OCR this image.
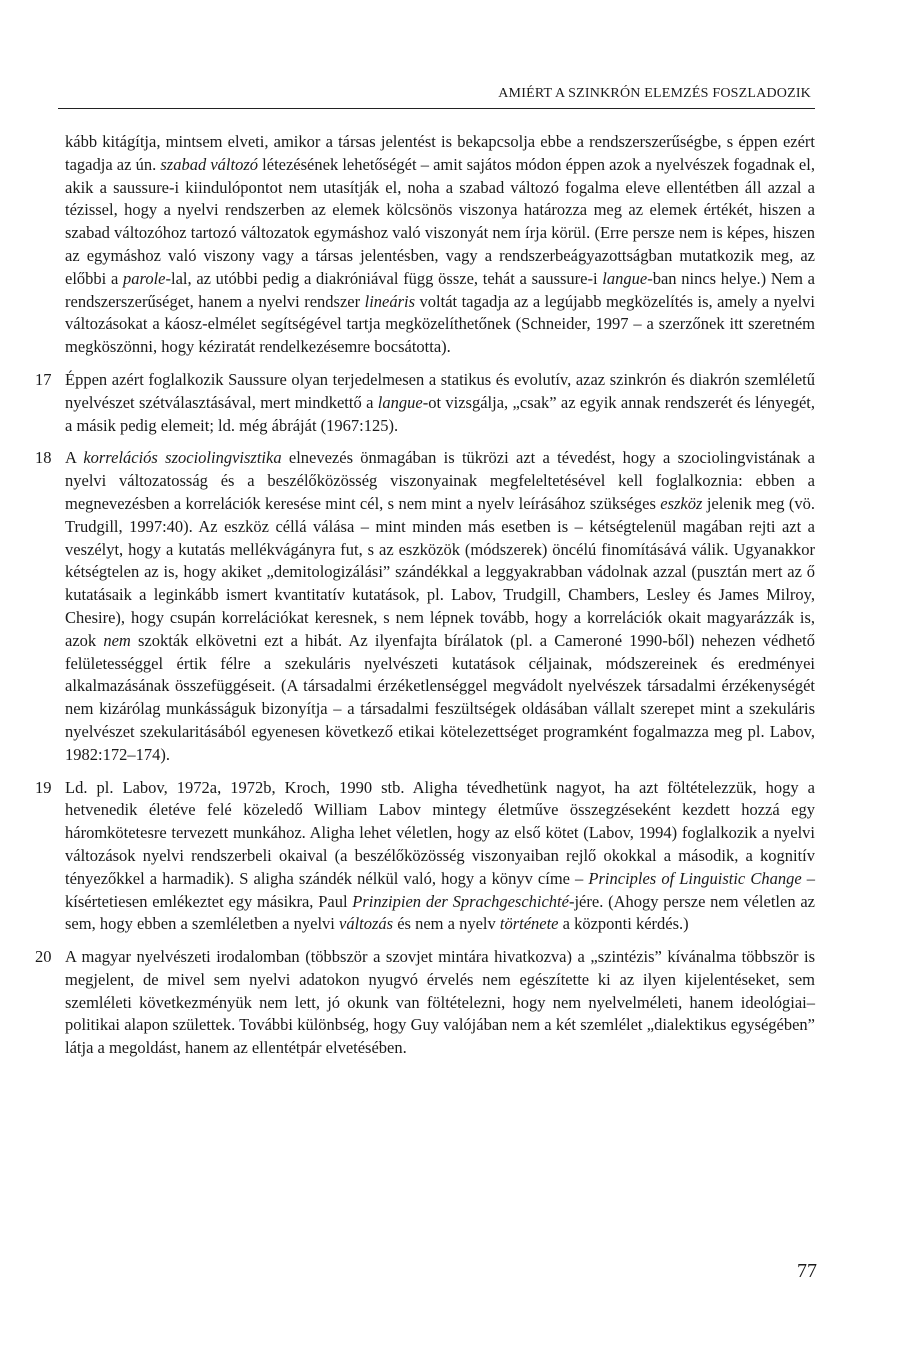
AMIÉRT A SZINKRÓN ELEMZÉS FOSZLADOZIK

kább kitágítja, mintsem elveti, amikor a társas jelentést is bekapcsolja ebbe a rendszerszerűségbe, s éppen ezért tagadja az ún. szabad változó létezésének lehetőségét – amit sajátos módon éppen azok a nyelvészek fogadnak el, akik a saussure-i kiindulópontot nem utasítják el, noha a szabad változó fogalma eleve ellentétben áll azzal a tézissel, hogy a nyelvi rendszerben az elemek kölcsönös viszonya határozza meg az elemek értékét, hiszen a szabad változóhoz tartozó változatok egymáshoz való viszonyát nem írja körül. (Erre persze nem is képes, hiszen az egymáshoz való viszony vagy a társas jelentésben, vagy a rendszerbeágyazottságban mutatkozik meg, az előbbi a parole-lal, az utóbbi pedig a diakróniával függ össze, tehát a saussure-i langue-ban nincs helye.) Nem a rendszerszerűséget, hanem a nyelvi rendszer lineáris voltát tagadja az a legújabb megközelítés is, amely a nyelvi változásokat a káosz-elmélet segítségével tartja megközelíthetőnek (Schneider, 1997 – a szerzőnek itt szeretném megköszönni, hogy kéziratát rendelkezésemre bocsátotta).

17 Éppen azért foglalkozik Saussure olyan terjedelmesen a statikus és evolutív, azaz szinkrón és diakrón szemléletű nyelvészet szétválasztásával, mert mindkettő a langue-ot vizsgálja, „csak” az egyik annak rendszerét és lényegét, a másik pedig elemeit; ld. még ábráját (1967:125).

18 A korrelációs szociolingvisztika elnevezés önmagában is tükrözi azt a tévedést, hogy a szociolingvistának a nyelvi változatosság és a beszélőközösség viszonyainak megfeleltetésével kell foglalkoznia: ebben a megnevezésben a korrelációk keresése mint cél, s nem mint a nyelv leírásához szükséges eszköz jelenik meg (vö. Trudgill, 1997:40). Az eszköz céllá válása – mint minden más esetben is – kétségtelenül magában rejti azt a veszélyt, hogy a kutatás mellékvágányra fut, s az eszközök (módszerek) öncélú finomításává válik. Ugyanakkor kétségtelen az is, hogy akiket „demitologizálási” szándékkal a leggyakrabban vádolnak azzal (pusztán mert az ő kutatásaik a leginkább ismert kvantitatív kutatások, pl. Labov, Trudgill, Chambers, Lesley és James Milroy, Chesire), hogy csupán korrelációkat keresnek, s nem lépnek tovább, hogy a korrelációk okait magyarázzák is, azok nem szokták elkövetni ezt a hibát. Az ilyenfajta bírálatok (pl. a Cameroné 1990-ből) nehezen védhető felületességgel értik félre a szekuláris nyelvészeti kutatások céljainak, módszereinek és eredményei alkalmazásának összefüggéseit. (A társadalmi érzéketlenséggel megvádolt nyelvészek társadalmi érzékenységét nem kizárólag munkásságuk bizonyítja – a társadalmi feszültségek oldásában vállalt szerepet mint a szekuláris nyelvészet szekularitásából egyenesen következő etikai kötelezettséget programként fogalmazza meg pl. Labov, 1982:172–174).

19 Ld. pl. Labov, 1972a, 1972b, Kroch, 1990 stb. Aligha tévedhetünk nagyot, ha azt föltételezzük, hogy a hetvenedik életéve felé közeledő William Labov mintegy életműve összegzéseként kezdett hozzá egy háromkötetesre tervezett munkához. Aligha lehet véletlen, hogy az első kötet (Labov, 1994) foglalkozik a nyelvi változások nyelvi rendszerbeli okaival (a beszélőközösség viszonyaiban rejlő okokkal a második, a kognitív tényezőkkel a harmadik). S aligha szándék nélkül való, hogy a könyv címe – Principles of Linguistic Change – kísértetiesen emlékeztet egy másikra, Paul Prinzipien der Sprachgeschichté-jére. (Ahogy persze nem véletlen az sem, hogy ebben a szemléletben a nyelvi változás és nem a nyelv története a központi kérdés.)

20 A magyar nyelvészeti irodalomban (többször a szovjet mintára hivatkozva) a „szintézis” kívánalma többször is megjelent, de mivel sem nyelvi adatokon nyugvó érvelés nem egészítette ki az ilyen kijelentéseket, sem szemléleti következményük nem lett, jó okunk van föltételezni, hogy nem nyelvelméleti, hanem ideológiai–politikai alapon születtek. További különbség, hogy Guy valójában nem a két szemlélet „dialektikus egységében” látja a megoldást, hanem az ellentétpár elvetésében.

77
